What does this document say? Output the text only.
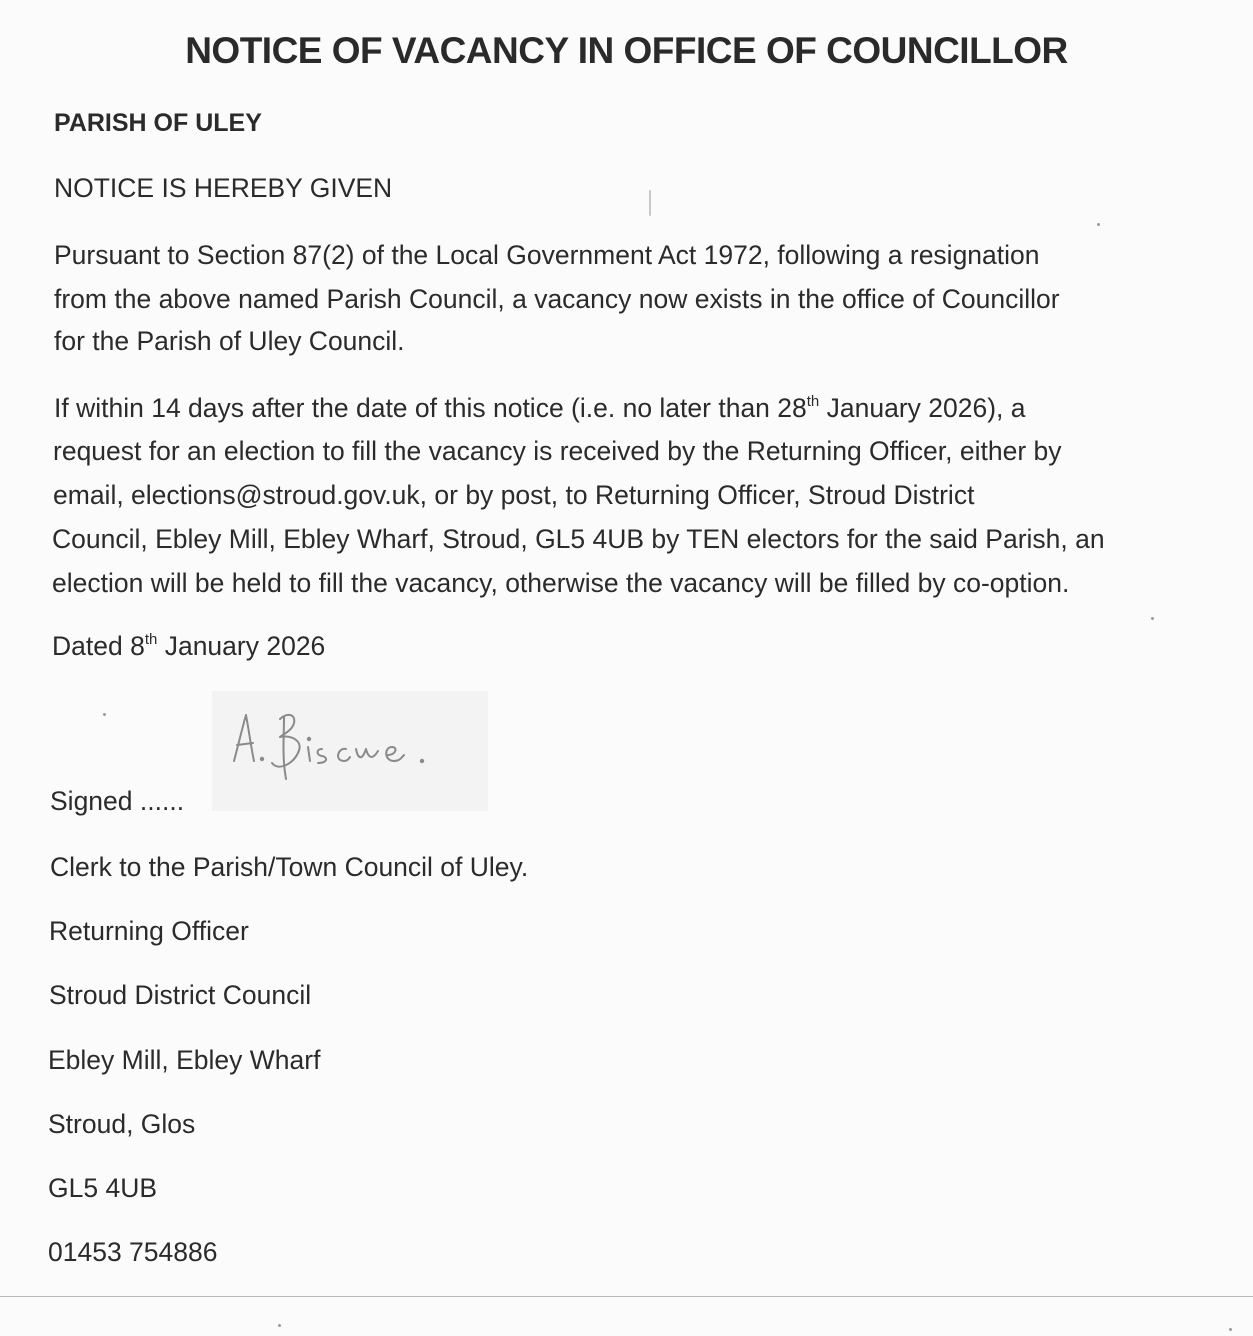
NOTICE OF VACANCY IN OFFICE OF COUNCILLOR

PARISH OF ULEY

NOTICE IS HEREBY GIVEN

Pursuant to Section 87(2) of the Local Government Act 1972, following a resignation

from the above named Parish Council, a vacancy now exists in the office of Councillor

for the Parish of Uley Council.

If within 14 days after the date of this notice (i.e. no later than 28th January 2026), a

request for an election to fill the vacancy is received by the Returning Officer, either by

email, elections@stroud.gov.uk, or by post, to Returning Officer, Stroud District

Council, Ebley Mill, Ebley Wharf, Stroud, GL5 4UB by TEN electors for the said Parish, an

election will be held to fill the vacancy, otherwise the vacancy will be filled by co-option.

Dated 8th January 2026

Signed ......

Clerk to the Parish/Town Council of Uley.

Returning Officer

Stroud District Council

Ebley Mill, Ebley Wharf

Stroud, Glos

GL5 4UB

01453 754886
